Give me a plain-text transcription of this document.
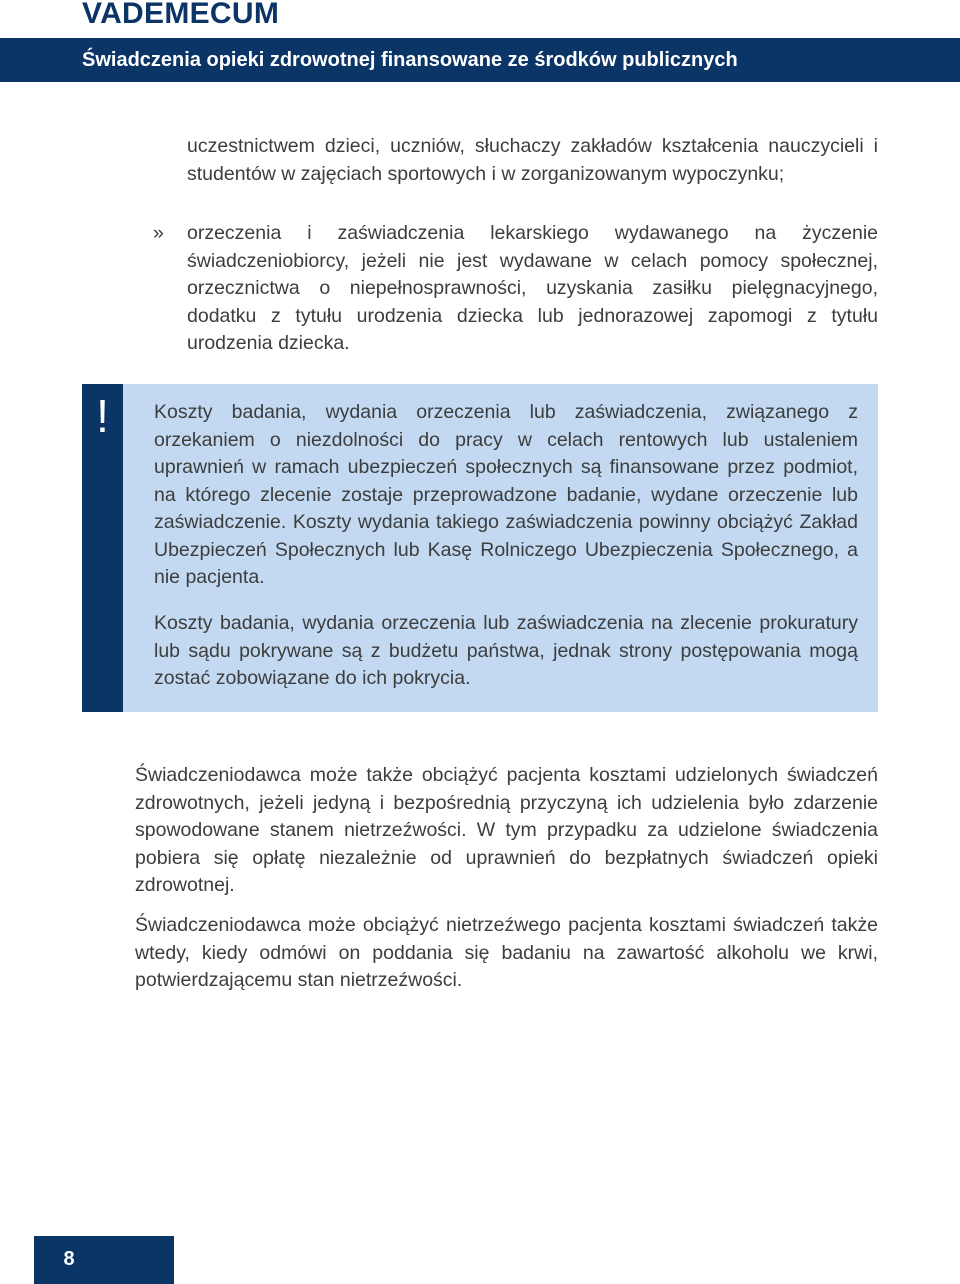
VADEMECUM
Świadczenia opieki zdrowotnej finansowane ze środków publicznych

uczestnictwem dzieci, uczniów, słuchaczy zakładów kształcenia nauczycieli i studentów w zajęciach sportowych i w zorganizowanym wypoczynku;

» orzeczenia i zaświadczenia lekarskiego wydawanego na życzenie świadczeniobiorcy, jeżeli nie jest wydawane w celach pomocy społecznej, orzecznictwa o niepełnosprawności, uzyskania zasiłku pielęgnacyjnego, dodatku z tytułu urodzenia dziecka lub jednorazowej zapomogi z tytułu urodzenia dziecka.

!	Koszty badania, wydania orzeczenia lub zaświadczenia, związanego z orzekaniem o niezdolności do pracy w celach rentowych lub ustaleniem uprawnień w ramach ubezpieczeń społecznych są finansowane przez podmiot, na którego zlecenie zostaje przeprowadzone badanie, wydane orzeczenie lub zaświadczenie. Koszty wydania takiego zaświadczenia powinny obciążyć Zakład Ubezpieczeń Społecznych lub Kasę Rolniczego Ubezpieczenia Społecznego, a nie pacjenta.

Koszty badania, wydania orzeczenia lub zaświadczenia na zlecenie prokuratury lub sądu pokrywane są z budżetu państwa, jednak strony postępowania mogą zostać zobowiązane do ich pokrycia.

Świadczeniodawca może także obciążyć pacjenta kosztami udzielonych świadczeń zdrowotnych, jeżeli jedyną i bezpośrednią przyczyną ich udzielenia było zdarzenie spowodowane stanem nietrzeźwości. W tym przypadku za udzielone świadczenia pobiera się opłatę niezależnie od uprawnień do bezpłatnych świadczeń opieki zdrowotnej.

Świadczeniodawca może obciążyć nietrzeźwego pacjenta kosztami świadczeń także wtedy, kiedy odmówi on poddania się badaniu na zawartość alkoholu we krwi, potwierdzającemu stan nietrzeźwości.

8
